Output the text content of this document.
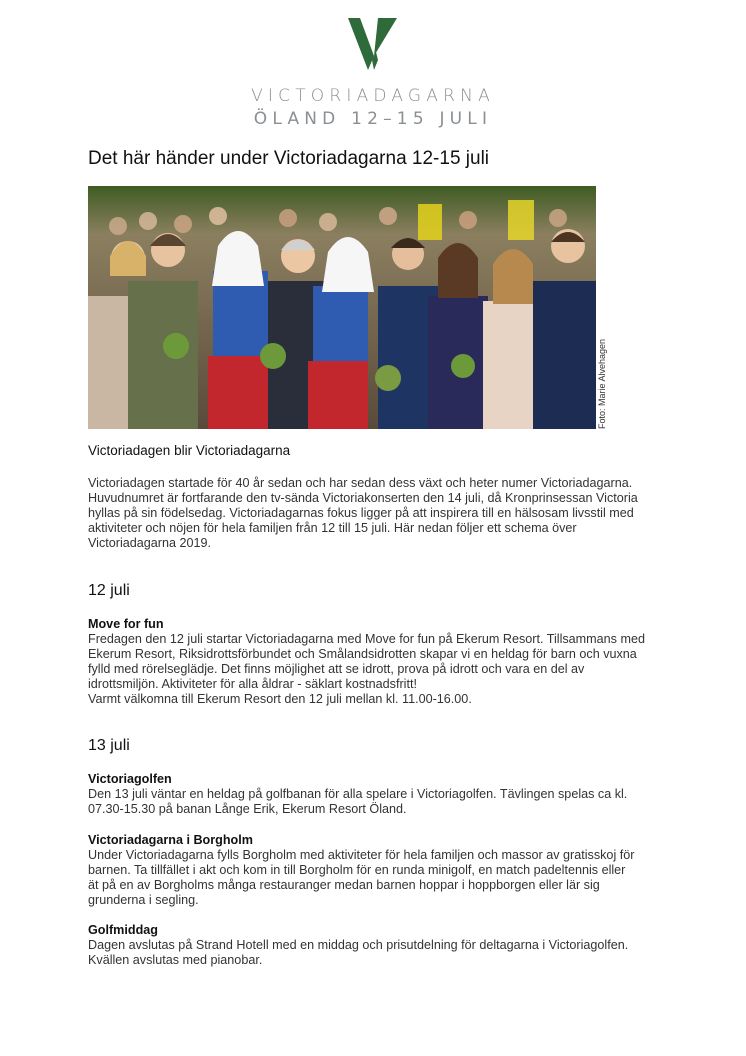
VICTORIADAGARNA
ÖLAND 12–15 JULI
Det här händer under Victoriadagarna 12-15 juli
Foto: Marie Alvehagen
Victoriadagen blir Victoriadagarna
Victoriadagen startade för 40 år sedan och har sedan dess växt och heter numer Victoriadagarna.
Huvudnumret är fortfarande den tv-sända Victoriakonserten den 14 juli, då Kronprinsessan Victoria
hyllas på sin födelsedag. Victoriadagarnas fokus ligger på att inspirera till en hälsosam livsstil med
aktiviteter och nöjen för hela familjen från 12 till 15 juli. Här nedan följer ett schema över
Victoriadagarna 2019.
12 juli
Move for fun
Fredagen den 12 juli startar Victoriadagarna med Move for fun på Ekerum Resort. Tillsammans med
Ekerum Resort, Riksidrottsförbundet och Smålandsidrotten skapar vi en heldag för barn och vuxna
fylld med rörelseglädje. Det finns möjlighet att se idrott, prova på idrott och vara en del av
idrottsmiljön. Aktiviteter för alla åldrar - säklart kostnadsfritt!
Varmt välkomna till Ekerum Resort den 12 juli mellan kl. 11.00-16.00.
13 juli
Victoriagolfen
Den 13 juli väntar en heldag på golfbanan för alla spelare i Victoriagolfen. Tävlingen spelas ca kl.
07.30-15.30 på banan Långe Erik, Ekerum Resort Öland.
Victoriadagarna i Borgholm
Under Victoriadagarna fylls Borgholm med aktiviteter för hela familjen och massor av gratisskoj för
barnen. Ta tillfället i akt och kom in till Borgholm för en runda minigolf, en match padeltennis eller
ät på en av Borgholms många restauranger medan barnen hoppar i hoppborgen eller lär sig
grunderna i segling.
Golfmiddag
Dagen avslutas på Strand Hotell med en middag och prisutdelning för deltagarna i Victoriagolfen.
Kvällen avslutas med pianobar.
